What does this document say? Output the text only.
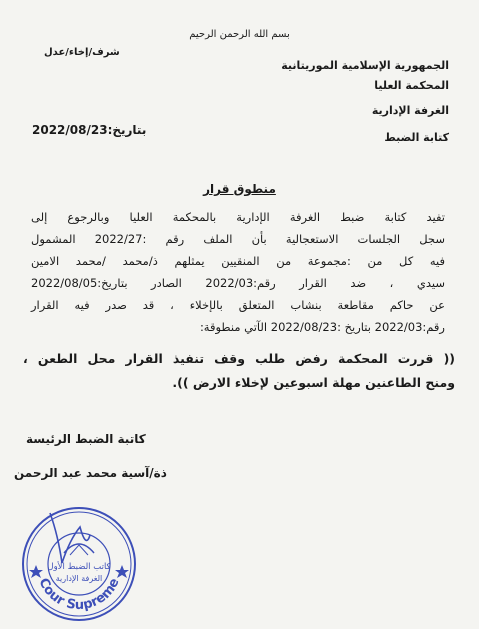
بسم الله الرحمن الرحيم
شرف/إخاء/عدل
الجمهورية الإسلامية الموريتانية
المحكمة العليا
الغرفة الإدارية
كتابة الضبط
بتاريخ:2022/08/23
منطوق قرار
تفيد كتابة ضبط الغرفة الإدارية بالمحكمة العليا وبالرجوع إلى
سجل الجلسات الاستعجالية بأن الملف رقم :2022/27 المشمول
فيه كل من :مجموعة من المنقيين يمثلهم ذ/محمد /محمد الامين
سيدي ، ضد القرار رقم:2022/03 الصادر بتاريخ:2022/08/05
عن حاكم مقاطعة بنشاب المتعلق بالإخلاء ، قد صدر فيه القرار
رقم:2022/03 بتاريخ :2022/08/23 الآتي منطوقة:
(( قررت المحكمة رفض طلب وقف تنفيذ القرار محل الطعن ،
ومنح الطاعنين مهلة اسبوعين لإخلاء الارض )).
كاتبة الضبط الرئيسة
ذة/آسية محمد عبد الرحمن
كاتب الضبط الأول
الغرفة الإدارية
Cour Supreme
